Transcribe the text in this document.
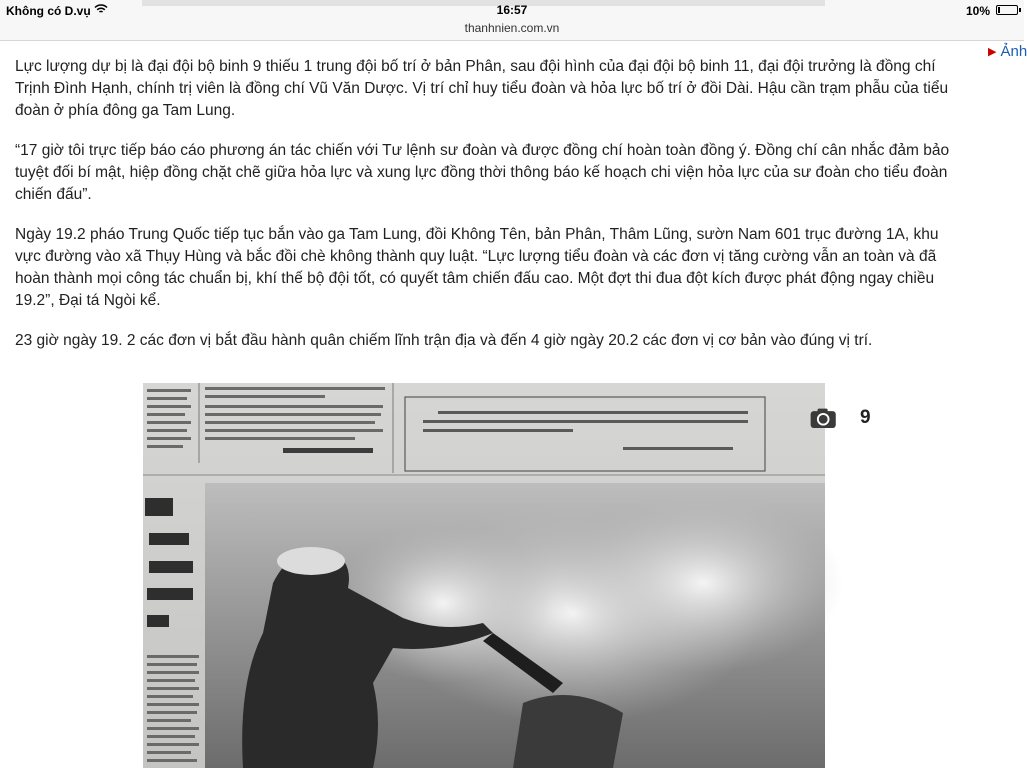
Không có D.vụ	16:57
thanhnien.com.vn
10%
▶ Ảnh

Lực lượng dự bị là đại đội bộ binh 9 thiếu 1 trung đội bố trí ở bản Phân, sau đội hình của đại đội bộ binh 11, đại đội trưởng là đồng chí Trịnh Đình Hạnh, chính trị viên là đồng chí Vũ Văn Dược. Vị trí chỉ huy tiểu đoàn và hỏa lực bố trí ở đồi Dài. Hậu cần trạm phẫu của tiểu đoàn ở phía đông ga Tam Lung.

“17 giờ tôi trực tiếp báo cáo phương án tác chiến với Tư lệnh sư đoàn và được đồng chí hoàn toàn đồng ý. Đồng chí cân nhắc đảm bảo tuyệt đối bí mật, hiệp đồng chặt chẽ giữa hỏa lực và xung lực đồng thời thông báo kế hoạch chi viện hỏa lực của sư đoàn cho tiểu đoàn chiến đấu”.

Ngày 19.2 pháo Trung Quốc tiếp tục bắn vào ga Tam Lung, đồi Không Tên, bản Phân, Thâm Lũng, sườn Nam 601 trục đường 1A, khu vực đường vào xã Thụy Hùng và bắc đồi chè không thành quy luật. “Lực lượng tiểu đoàn và các đơn vị tăng cường vẫn an toàn và đã hoàn thành mọi công tác chuẩn bị, khí thế bộ đội tốt, có quyết tâm chiến đấu cao. Một đợt thi đua đột kích được phát động ngay chiều 19.2”, Đại tá Ngòi kể.

23 giờ ngày 19. 2 các đơn vị bắt đầu hành quân chiếm lĩnh trận địa và đến 4 giờ ngày 20.2 các đơn vị cơ bản vào đúng vị trí.

9
